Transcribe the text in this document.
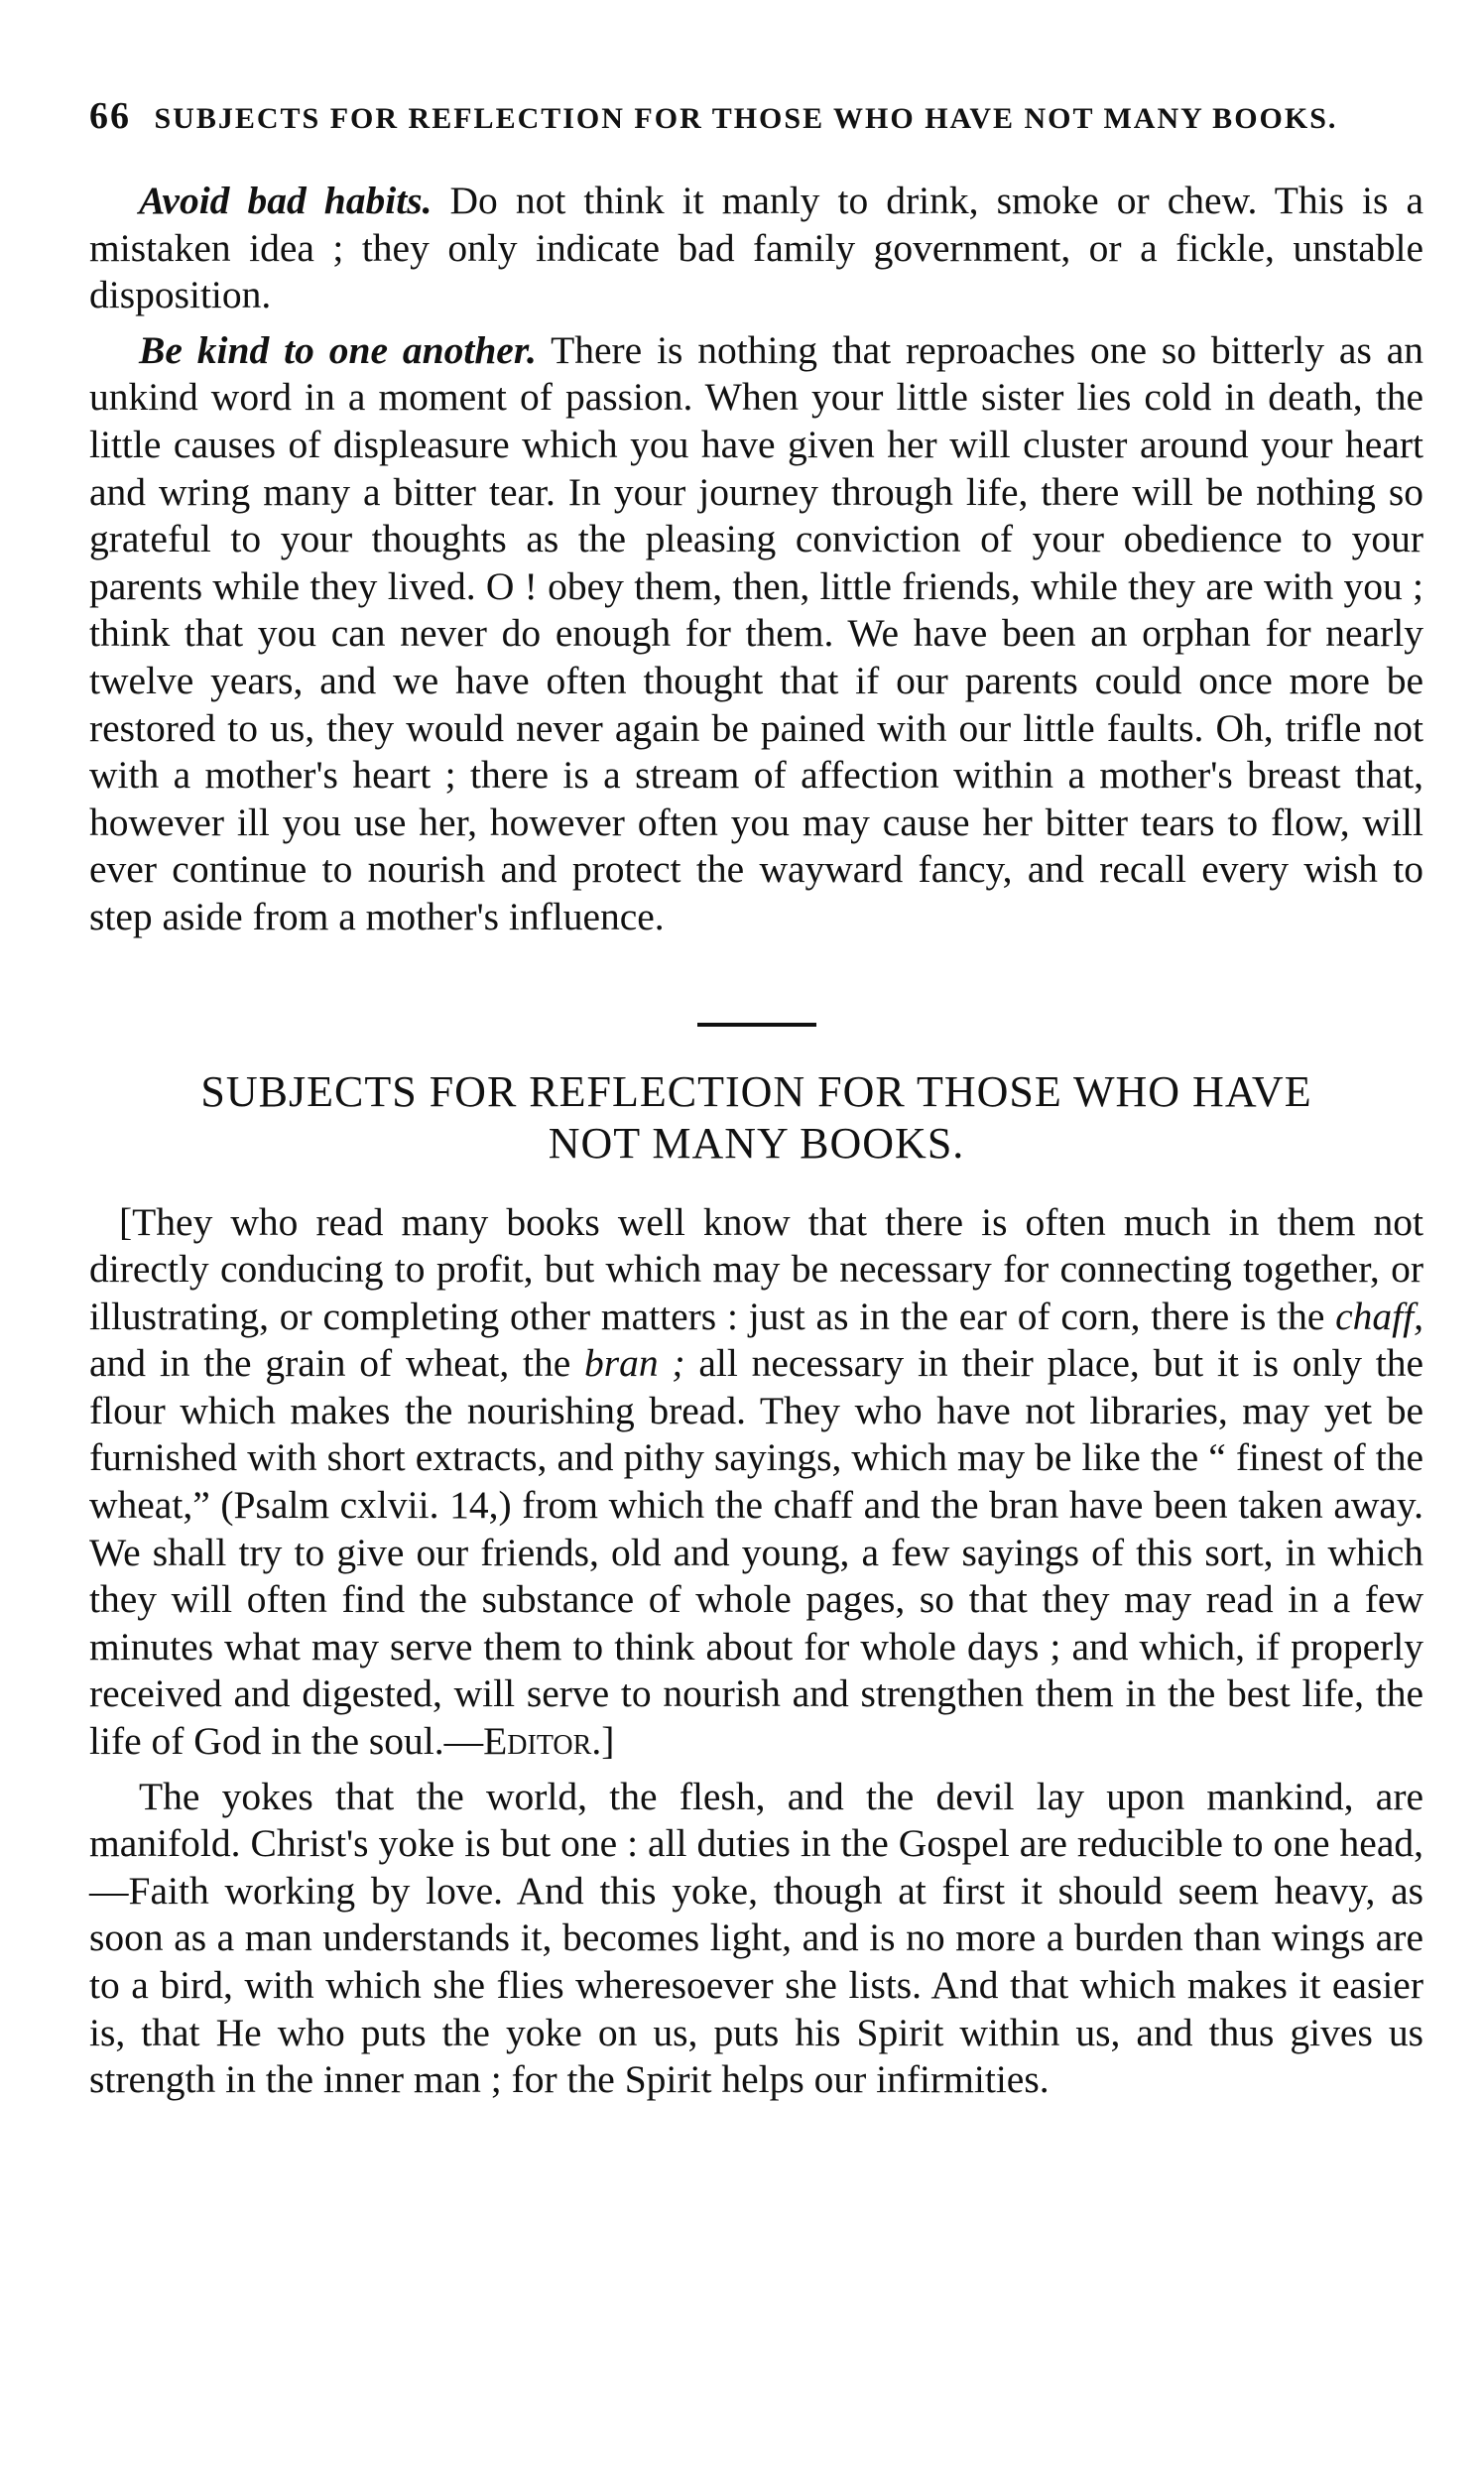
66 SUBJECTS FOR REFLECTION FOR THOSE WHO HAVE NOT MANY BOOKS.

Avoid bad habits. Do not think it manly to drink, smoke or chew. This is a mistaken idea ; they only indicate bad family government, or a fickle, unstable disposition.

Be kind to one another. There is nothing that reproaches one so bitterly as an unkind word in a moment of passion. When your little sister lies cold in death, the little causes of displeasure which you have given her will cluster around your heart and wring many a bitter tear. In your journey through life, there will be nothing so grateful to your thoughts as the pleasing conviction of your obedience to your parents while they lived. O ! obey them, then, little friends, while they are with you ; think that you can never do enough for them. We have been an orphan for nearly twelve years, and we have often thought that if our parents could once more be restored to us, they would never again be pained with our little faults. Oh, trifle not with a mother's heart ; there is a stream of affection within a mother's breast that, however ill you use her, however often you may cause her bitter tears to flow, will ever continue to nourish and protect the wayward fancy, and recall every wish to step aside from a mother's influence.

SUBJECTS FOR REFLECTION FOR THOSE WHO HAVE
NOT MANY BOOKS.

[They who read many books well know that there is often much in them not directly conducing to profit, but which may be necessary for connecting together, or illustrating, or completing other matters : just as in the ear of corn, there is the chaff, and in the grain of wheat, the bran ; all necessary in their place, but it is only the flour which makes the nourishing bread. They who have not libraries, may yet be furnished with short extracts, and pithy sayings, which may be like the “ finest of the wheat,” (Psalm cxlvii. 14,) from which the chaff and the bran have been taken away. We shall try to give our friends, old and young, a few sayings of this sort, in which they will often find the substance of whole pages, so that they may read in a few minutes what may serve them to think about for whole days ; and which, if properly received and digested, will serve to nourish and strengthen them in the best life, the life of God in the soul.—Editor.]

The yokes that the world, the flesh, and the devil lay upon mankind, are manifold. Christ's yoke is but one : all duties in the Gospel are reducible to one head,—Faith working by love. And this yoke, though at first it should seem heavy, as soon as a man understands it, becomes light, and is no more a burden than wings are to a bird, with which she flies wheresoever she lists. And that which makes it easier is, that He who puts the yoke on us, puts his Spirit within us, and thus gives us strength in the inner man ; for the Spirit helps our infirmities.
